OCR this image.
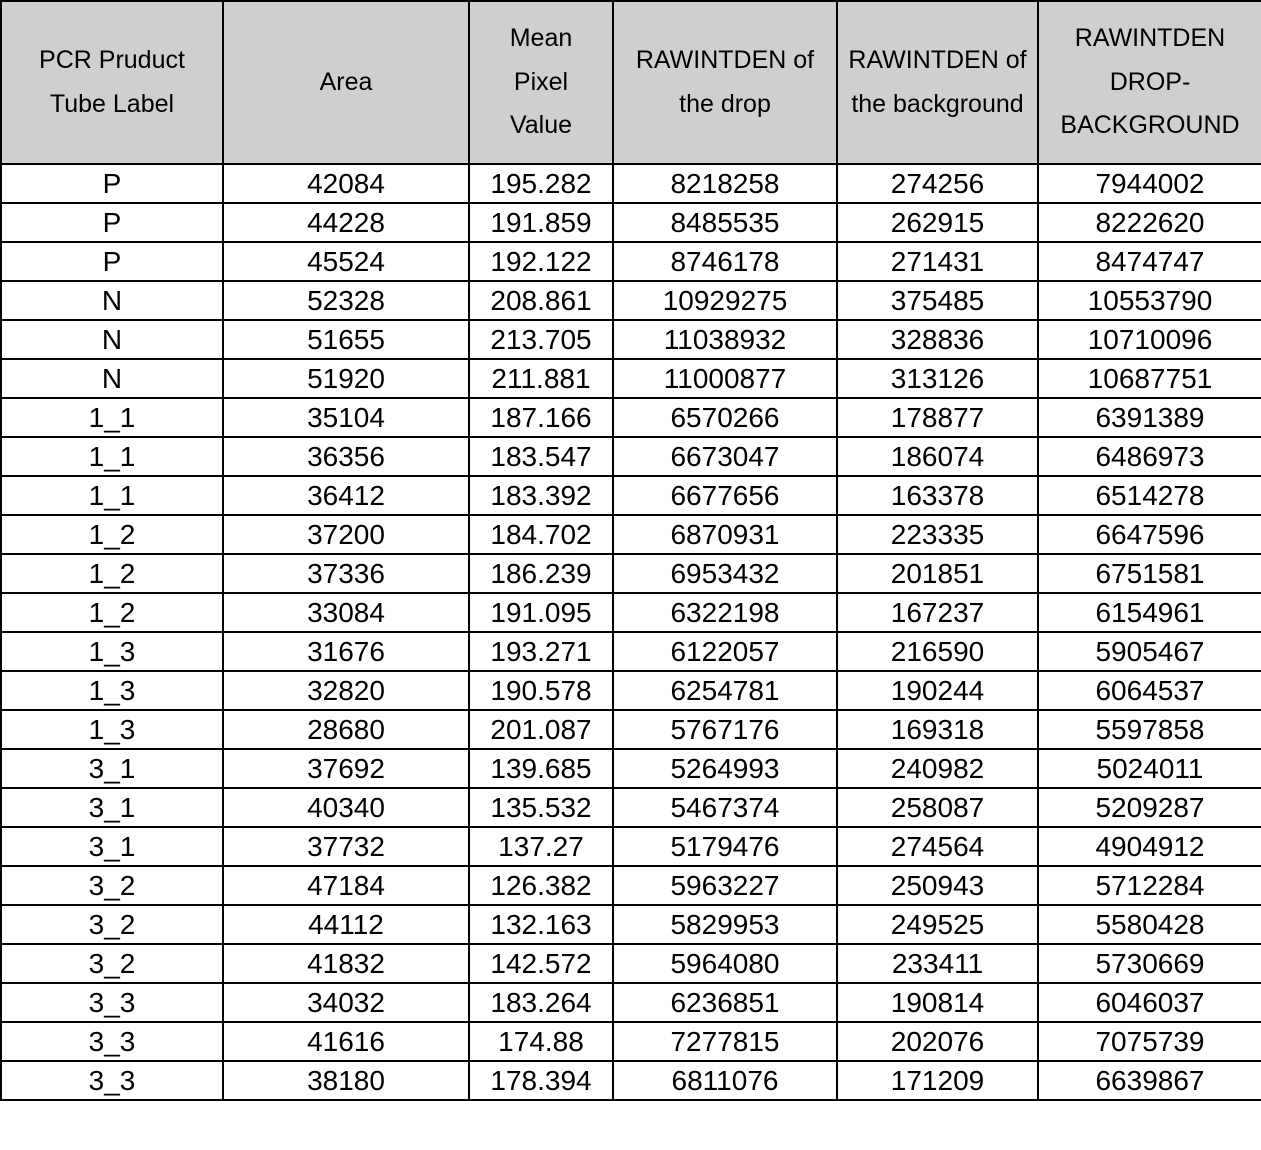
PCR Pruduct Tube Label	Area	Mean Pixel Value	RAWINTDEN of the drop	RAWINTDEN of the background	RAWINTDEN DROP-BACKGROUND
P	42084	195.282	8218258	274256	7944002
P	44228	191.859	8485535	262915	8222620
P	45524	192.122	8746178	271431	8474747
N	52328	208.861	10929275	375485	10553790
N	51655	213.705	11038932	328836	10710096
N	51920	211.881	11000877	313126	10687751
1_1	35104	187.166	6570266	178877	6391389
1_1	36356	183.547	6673047	186074	6486973
1_1	36412	183.392	6677656	163378	6514278
1_2	37200	184.702	6870931	223335	6647596
1_2	37336	186.239	6953432	201851	6751581
1_2	33084	191.095	6322198	167237	6154961
1_3	31676	193.271	6122057	216590	5905467
1_3	32820	190.578	6254781	190244	6064537
1_3	28680	201.087	5767176	169318	5597858
3_1	37692	139.685	5264993	240982	5024011
3_1	40340	135.532	5467374	258087	5209287
3_1	37732	137.27	5179476	274564	4904912
3_2	47184	126.382	5963227	250943	5712284
3_2	44112	132.163	5829953	249525	5580428
3_2	41832	142.572	5964080	233411	5730669
3_3	34032	183.264	6236851	190814	6046037
3_3	41616	174.88	7277815	202076	7075739
3_3	38180	178.394	6811076	171209	6639867
